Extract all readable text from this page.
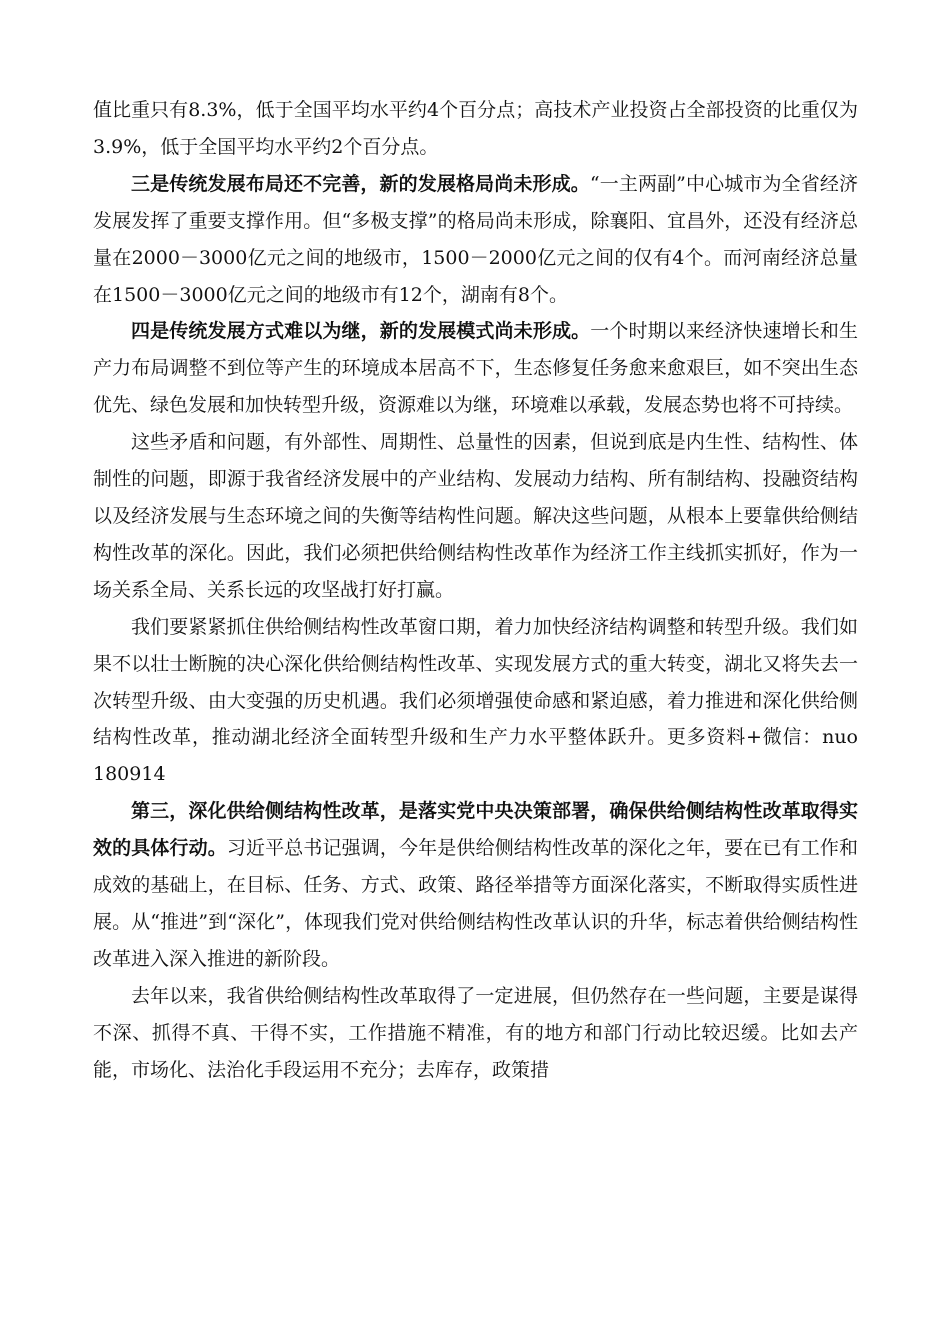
值比重只有8.3%，低于全国平均水平约4个百分点；高技术产业投资占全部投资的比重仅为3.9%，低于全国平均水平约2个百分点。

三是传统发展布局还不完善，新的发展格局尚未形成。“一主两副”中心城市为全省经济发展发挥了重要支撑作用。但“多极支撑”的格局尚未形成，除襄阳、宜昌外，还没有经济总量在2000－3000亿元之间的地级市，1500－2000亿元之间的仅有4个。而河南经济总量在1500－3000亿元之间的地级市有12个，湖南有8个。

四是传统发展方式难以为继，新的发展模式尚未形成。一个时期以来经济快速增长和生产力布局调整不到位等产生的环境成本居高不下，生态修复任务愈来愈艰巨，如不突出生态优先、绿色发展和加快转型升级，资源难以为继，环境难以承载，发展态势也将不可持续。

这些矛盾和问题，有外部性、周期性、总量性的因素，但说到底是内生性、结构性、体制性的问题，即源于我省经济发展中的产业结构、发展动力结构、所有制结构、投融资结构以及经济发展与生态环境之间的失衡等结构性问题。解决这些问题，从根本上要靠供给侧结构性改革的深化。因此，我们必须把供给侧结构性改革作为经济工作主线抓实抓好，作为一场关系全局、关系长远的攻坚战打好打赢。

我们要紧紧抓住供给侧结构性改革窗口期，着力加快经济结构调整和转型升级。我们如果不以壮士断腕的决心深化供给侧结构性改革、实现发展方式的重大转变，湖北又将失去一次转型升级、由大变强的历史机遇。我们必须增强使命感和紧迫感，着力推进和深化供给侧结构性改革，推动湖北经济全面转型升级和生产力水平整体跃升。更多资料+微信：nuo 180914

第三，深化供给侧结构性改革，是落实党中央决策部署，确保供给侧结构性改革取得实效的具体行动。习近平总书记强调，今年是供给侧结构性改革的深化之年，要在已有工作和成效的基础上，在目标、任务、方式、政策、路径举措等方面深化落实，不断取得实质性进展。从“推进”到“深化”，体现我们党对供给侧结构性改革认识的升华，标志着供给侧结构性改革进入深入推进的新阶段。

去年以来，我省供给侧结构性改革取得了一定进展，但仍然存在一些问题，主要是谋得不深、抓得不真、干得不实，工作措施不精准，有的地方和部门行动比较迟缓。比如去产能，市场化、法治化手段运用不充分；去库存，政策措
